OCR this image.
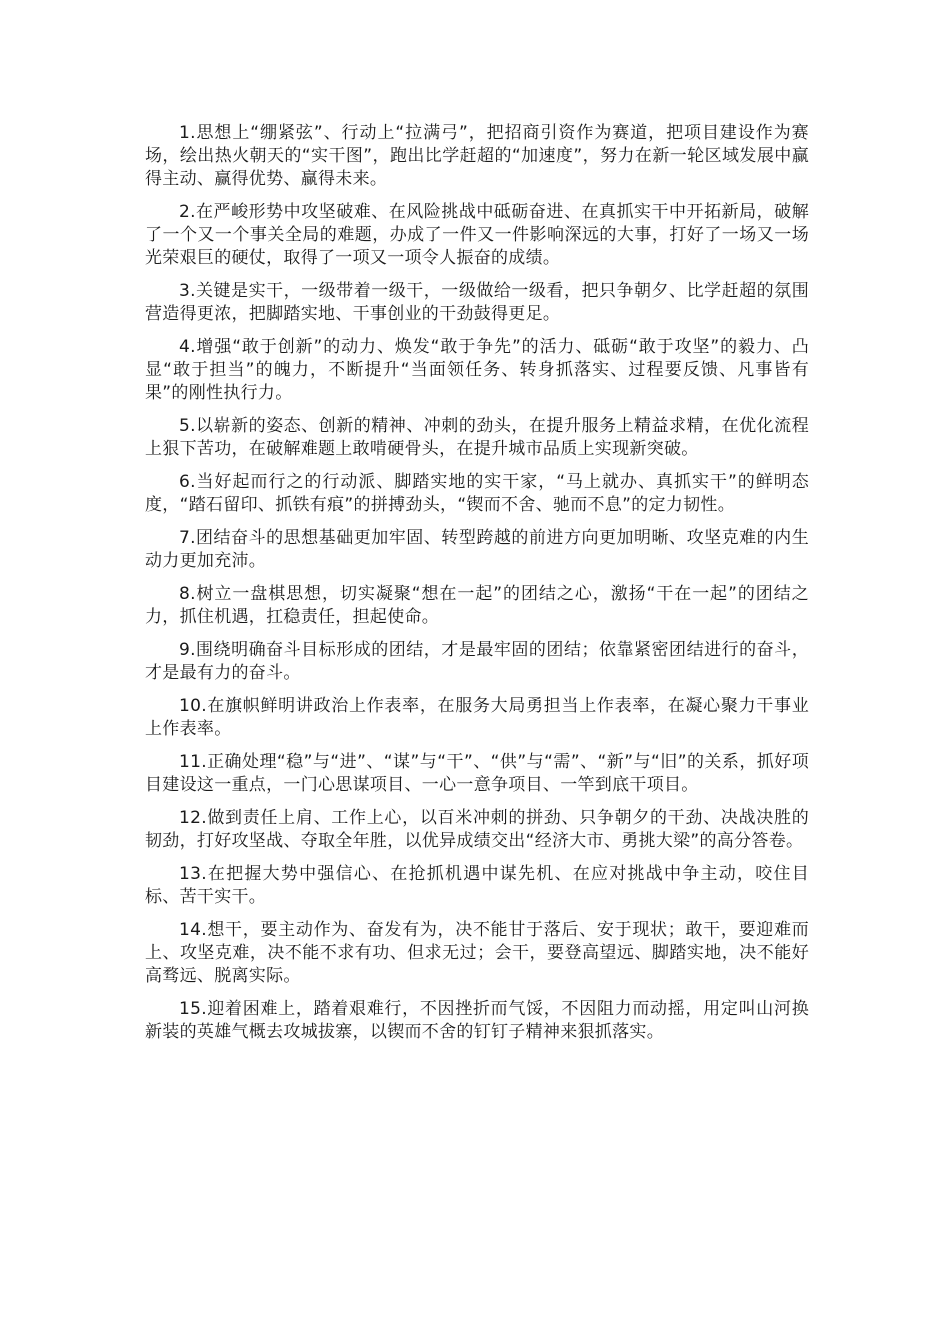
1.思想上“绷紧弦”、行动上“拉满弓”，把招商引资作为赛道，把项目建设作为赛场，绘出热火朝天的“实干图”，跑出比学赶超的“加速度”，努力在新一轮区域发展中赢得主动、赢得优势、赢得未来。

2.在严峻形势中攻坚破难、在风险挑战中砥砺奋进、在真抓实干中开拓新局，破解了一个又一个事关全局的难题，办成了一件又一件影响深远的大事，打好了一场又一场光荣艰巨的硬仗，取得了一项又一项令人振奋的成绩。

3.关键是实干，一级带着一级干，一级做给一级看，把只争朝夕、比学赶超的氛围营造得更浓，把脚踏实地、干事创业的干劲鼓得更足。

4.增强“敢于创新”的动力、焕发“敢于争先”的活力、砥砺“敢于攻坚”的毅力、凸显“敢于担当”的魄力，不断提升“当面领任务、转身抓落实、过程要反馈、凡事皆有果”的刚性执行力。

5.以崭新的姿态、创新的精神、冲刺的劲头，在提升服务上精益求精，在优化流程上狠下苦功，在破解难题上敢啃硬骨头，在提升城市品质上实现新突破。

6.当好起而行之的行动派、脚踏实地的实干家，“马上就办、真抓实干”的鲜明态度，“踏石留印、抓铁有痕”的拼搏劲头，“锲而不舍、驰而不息”的定力韧性。

7.团结奋斗的思想基础更加牢固、转型跨越的前进方向更加明晰、攻坚克难的内生动力更加充沛。

8.树立一盘棋思想，切实凝聚“想在一起”的团结之心，激扬“干在一起”的团结之力，抓住机遇，扛稳责任，担起使命。

9.围绕明确奋斗目标形成的团结，才是最牢固的团结；依靠紧密团结进行的奋斗，才是最有力的奋斗。

10.在旗帜鲜明讲政治上作表率，在服务大局勇担当上作表率，在凝心聚力干事业上作表率。

11.正确处理“稳”与“进”、“谋”与“干”、“供”与“需”、“新”与“旧”的关系，抓好项目建设这一重点，一门心思谋项目、一心一意争项目、一竿到底干项目。

12.做到责任上肩、工作上心，以百米冲刺的拼劲、只争朝夕的干劲、决战决胜的韧劲，打好攻坚战、夺取全年胜，以优异成绩交出“经济大市、勇挑大梁”的高分答卷。

13.在把握大势中强信心、在抢抓机遇中谋先机、在应对挑战中争主动，咬住目标、苦干实干。

14.想干，要主动作为、奋发有为，决不能甘于落后、安于现状；敢干，要迎难而上、攻坚克难，决不能不求有功、但求无过；会干，要登高望远、脚踏实地，决不能好高骛远、脱离实际。

15.迎着困难上，踏着艰难行，不因挫折而气馁，不因阻力而动摇，用定叫山河换新装的英雄气概去攻城拔寨，以锲而不舍的钉钉子精神来狠抓落实。
